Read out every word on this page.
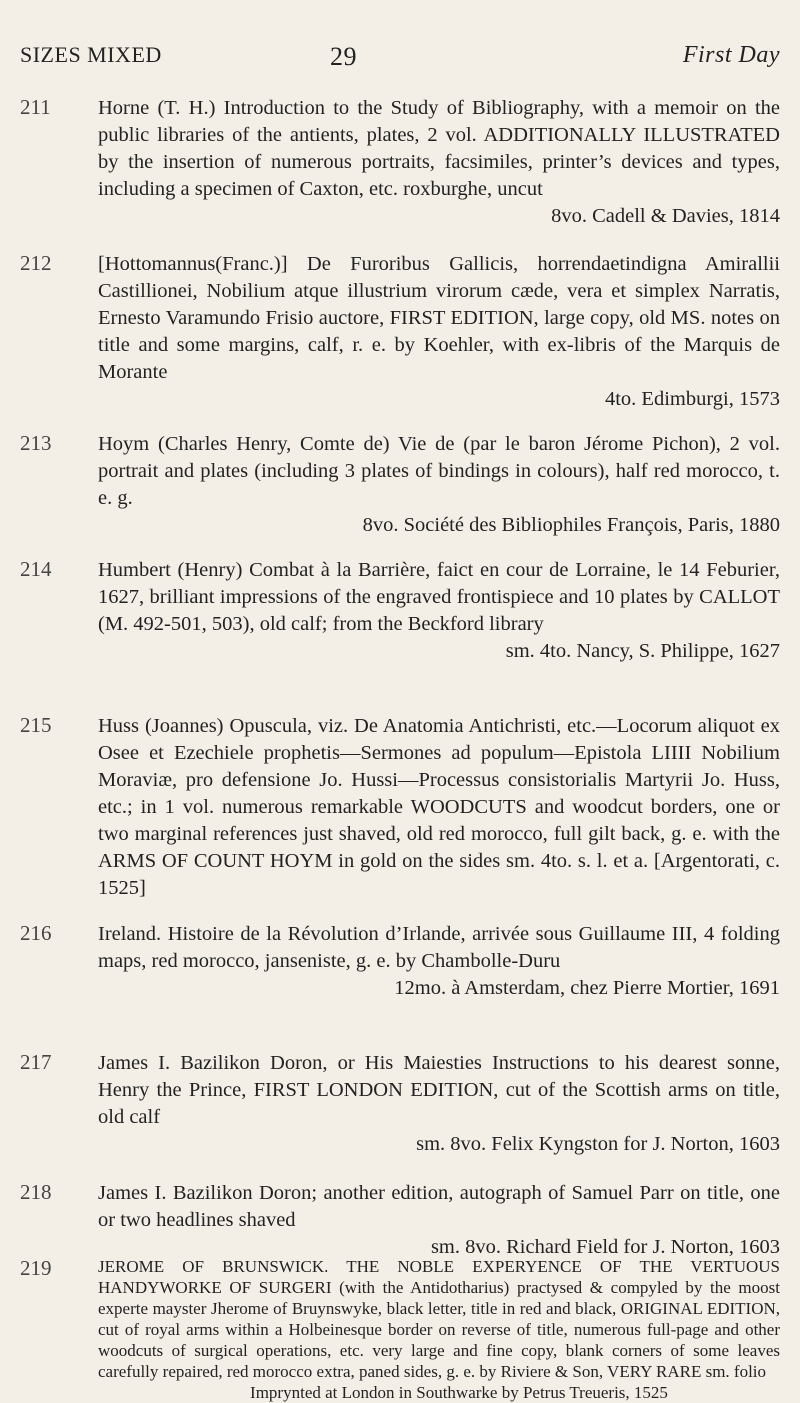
SIZES MIXED	29	First Day
211	Horne (T. H.) Introduction to the Study of Bibliography, with a memoir on the public libraries of the antients, plates, 2 vol. ADDITIONALLY ILLUSTRATED by the insertion of numerous portraits, facsimiles, printer’s devices and types, including a specimen of Caxton, etc. roxburghe, uncut
8vo. Cadell & Davies, 1814
212	[Hottomannus(Franc.)] De Furoribus Gallicis, horrendaetindigna Amirallii Castillionei, Nobilium atque illustrium virorum cæde, vera et simplex Narratis, Ernesto Varamundo Frisio auctore, FIRST EDITION, large copy, old MS. notes on title and some margins, calf, r. e. by Koehler, with ex-libris of the Marquis de Morante
4to. Edimburgi, 1573
213	Hoym (Charles Henry, Comte de) Vie de (par le baron Jérome Pichon), 2 vol. portrait and plates (including 3 plates of bindings in colours), half red morocco, t. e. g.
8vo. Société des Bibliophiles François, Paris, 1880
214	Humbert (Henry) Combat à la Barrière, faict en cour de Lorraine, le 14 Feburier, 1627, brilliant impressions of the engraved frontispiece and 10 plates by CALLOT (M. 492-501, 503), old calf; from the Beckford library
sm. 4to. Nancy, S. Philippe, 1627
215	Huss (Joannes) Opuscula, viz. De Anatomia Antichristi, etc.—Locorum aliquot ex Osee et Ezechiele prophetis—Sermones ad populum—Epistola LIIII Nobilium Moraviæ, pro defensione Jo. Hussi—Processus consistorialis Martyrii Jo. Huss, etc.; in 1 vol. numerous remarkable WOODCUTS and woodcut borders, one or two marginal references just shaved, old red morocco, full gilt back, g. e. with the ARMS OF COUNT HOYM in gold on the sides sm. 4to. s. l. et a. [Argentorati, c. 1525]
216	Ireland. Histoire de la Révolution d’Irlande, arrivée sous Guillaume III, 4 folding maps, red morocco, janseniste, g. e. by Chambolle-Duru
12mo. à Amsterdam, chez Pierre Mortier, 1691
217	James I. Bazilikon Doron, or His Maiesties Instructions to his dearest sonne, Henry the Prince, FIRST LONDON EDITION, cut of the Scottish arms on title, old calf
sm. 8vo. Felix Kyngston for J. Norton, 1603
218	James I. Bazilikon Doron; another edition, autograph of Samuel Parr on title, one or two headlines shaved
sm. 8vo. Richard Field for J. Norton, 1603
219	JEROME OF BRUNSWICK. THE NOBLE EXPERYENCE OF THE VERTUOUS HANDYWORKE OF SURGERI (with the Antidotharius) practysed & compyled by the moost experte mayster Jherome of Bruynswyke, black letter, title in red and black, ORIGINAL EDITION, cut of royal arms within a Holbeinesque border on reverse of title, numerous full-page and other woodcuts of surgical operations, etc. very large and fine copy, blank corners of some leaves carefully repaired, red morocco extra, paned sides, g. e. by Riviere & Son, VERY RARE sm. folio
Imprynted at London in Southwarke by Petrus Treueris, 1525
